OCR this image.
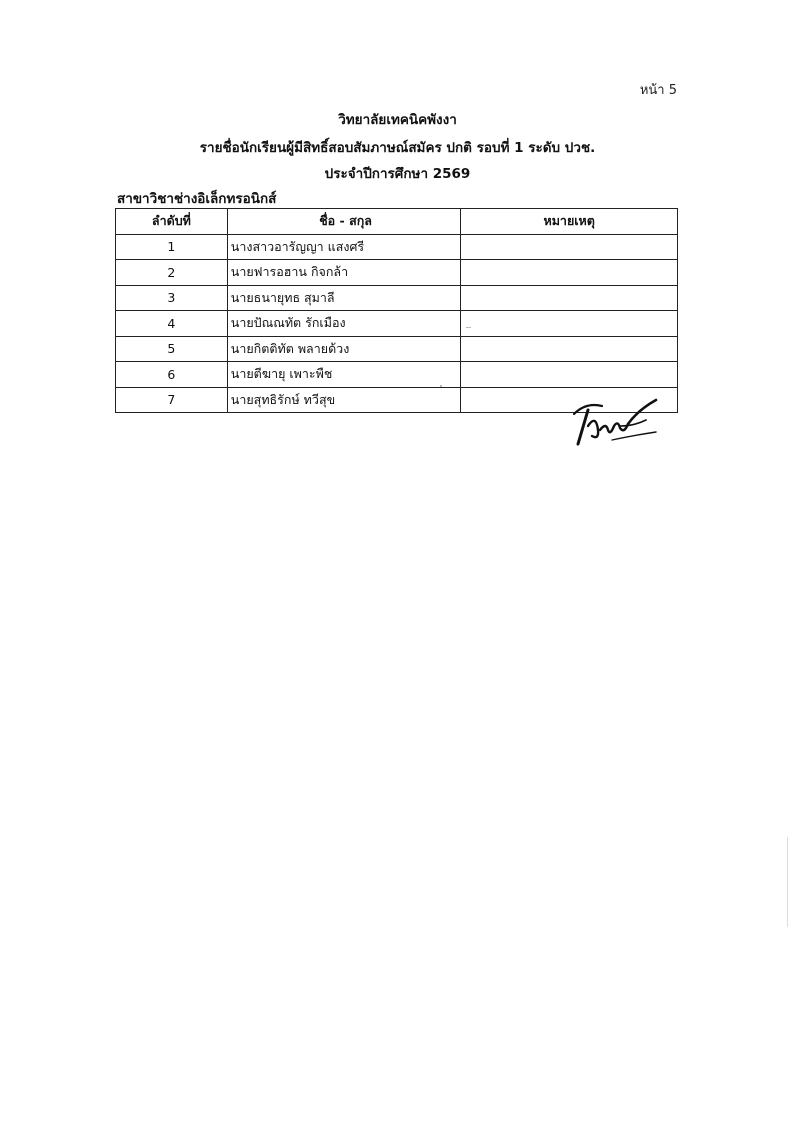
หน้า 5
วิทยาลัยเทคนิคพังงา
รายชื่อนักเรียนผู้มีสิทธิ์สอบสัมภาษณ์สมัคร ปกติ รอบที่ 1 ระดับ ปวช.
ประจำปีการศึกษา 2569
สาขาวิชาช่างอิเล็กทรอนิกส์
ลำดับที่	ชื่อ - สกุล	หมายเหตุ
1	นางสาวอารัญญา แสงศรี	
2	นายฟารอฮาน กิจกล้า	
3	นายธนายุทธ สุมาลี	
4	นายปัณณทัต รักเมือง	
5	นายกิตติทัต พลายด้วง	
6	นายตีฆายุ เพาะพืช	
7	นายสุทธิรักษ์ ทวีสุข	
